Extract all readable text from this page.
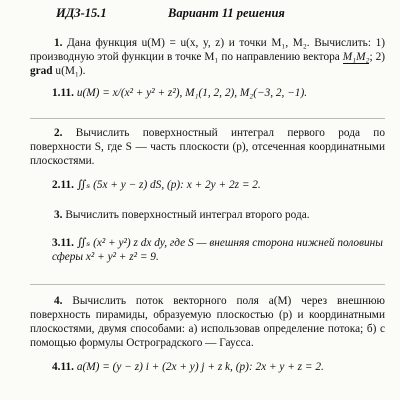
ИДЗ-15.1	Вариант 11 решения
1. Дана функция u(M) = u(x, y, z) и точки M₁, M₂. Вычислить: 1) производную этой функции в точке M₁ по направлению вектора M₁M₂; 2) grad u(M₁).
1.11. u(M) = x/(x² + y² + z²), M₁(1, 2, 2), M₂(−3, 2, −1).
2. Вычислить поверхностный интеграл первого рода по поверхности S, где S — часть плоскости (p), отсеченная координатными плоскостями.
2.11. ∬ₛ (5x + y − z) dS, (p): x + 2y + 2z = 2.
3. Вычислить поверхностный интеграл второго рода.
3.11. ∬ₛ (x² + y²) z dx dy, где S — внешняя сторона нижней половины сферы x² + y² + z² = 9.
4. Вычислить поток векторного поля a(M) через внешнюю поверхность пирамиды, образуемую плоскостью (p) и координатными плоскостями, двумя способами: а) использовав определение потока; б) с помощью формулы Остроградского — Гаусса.
4.11. a(M) = (y − z) i + (2x + y) j + z k, (p): 2x + y + z = 2.
